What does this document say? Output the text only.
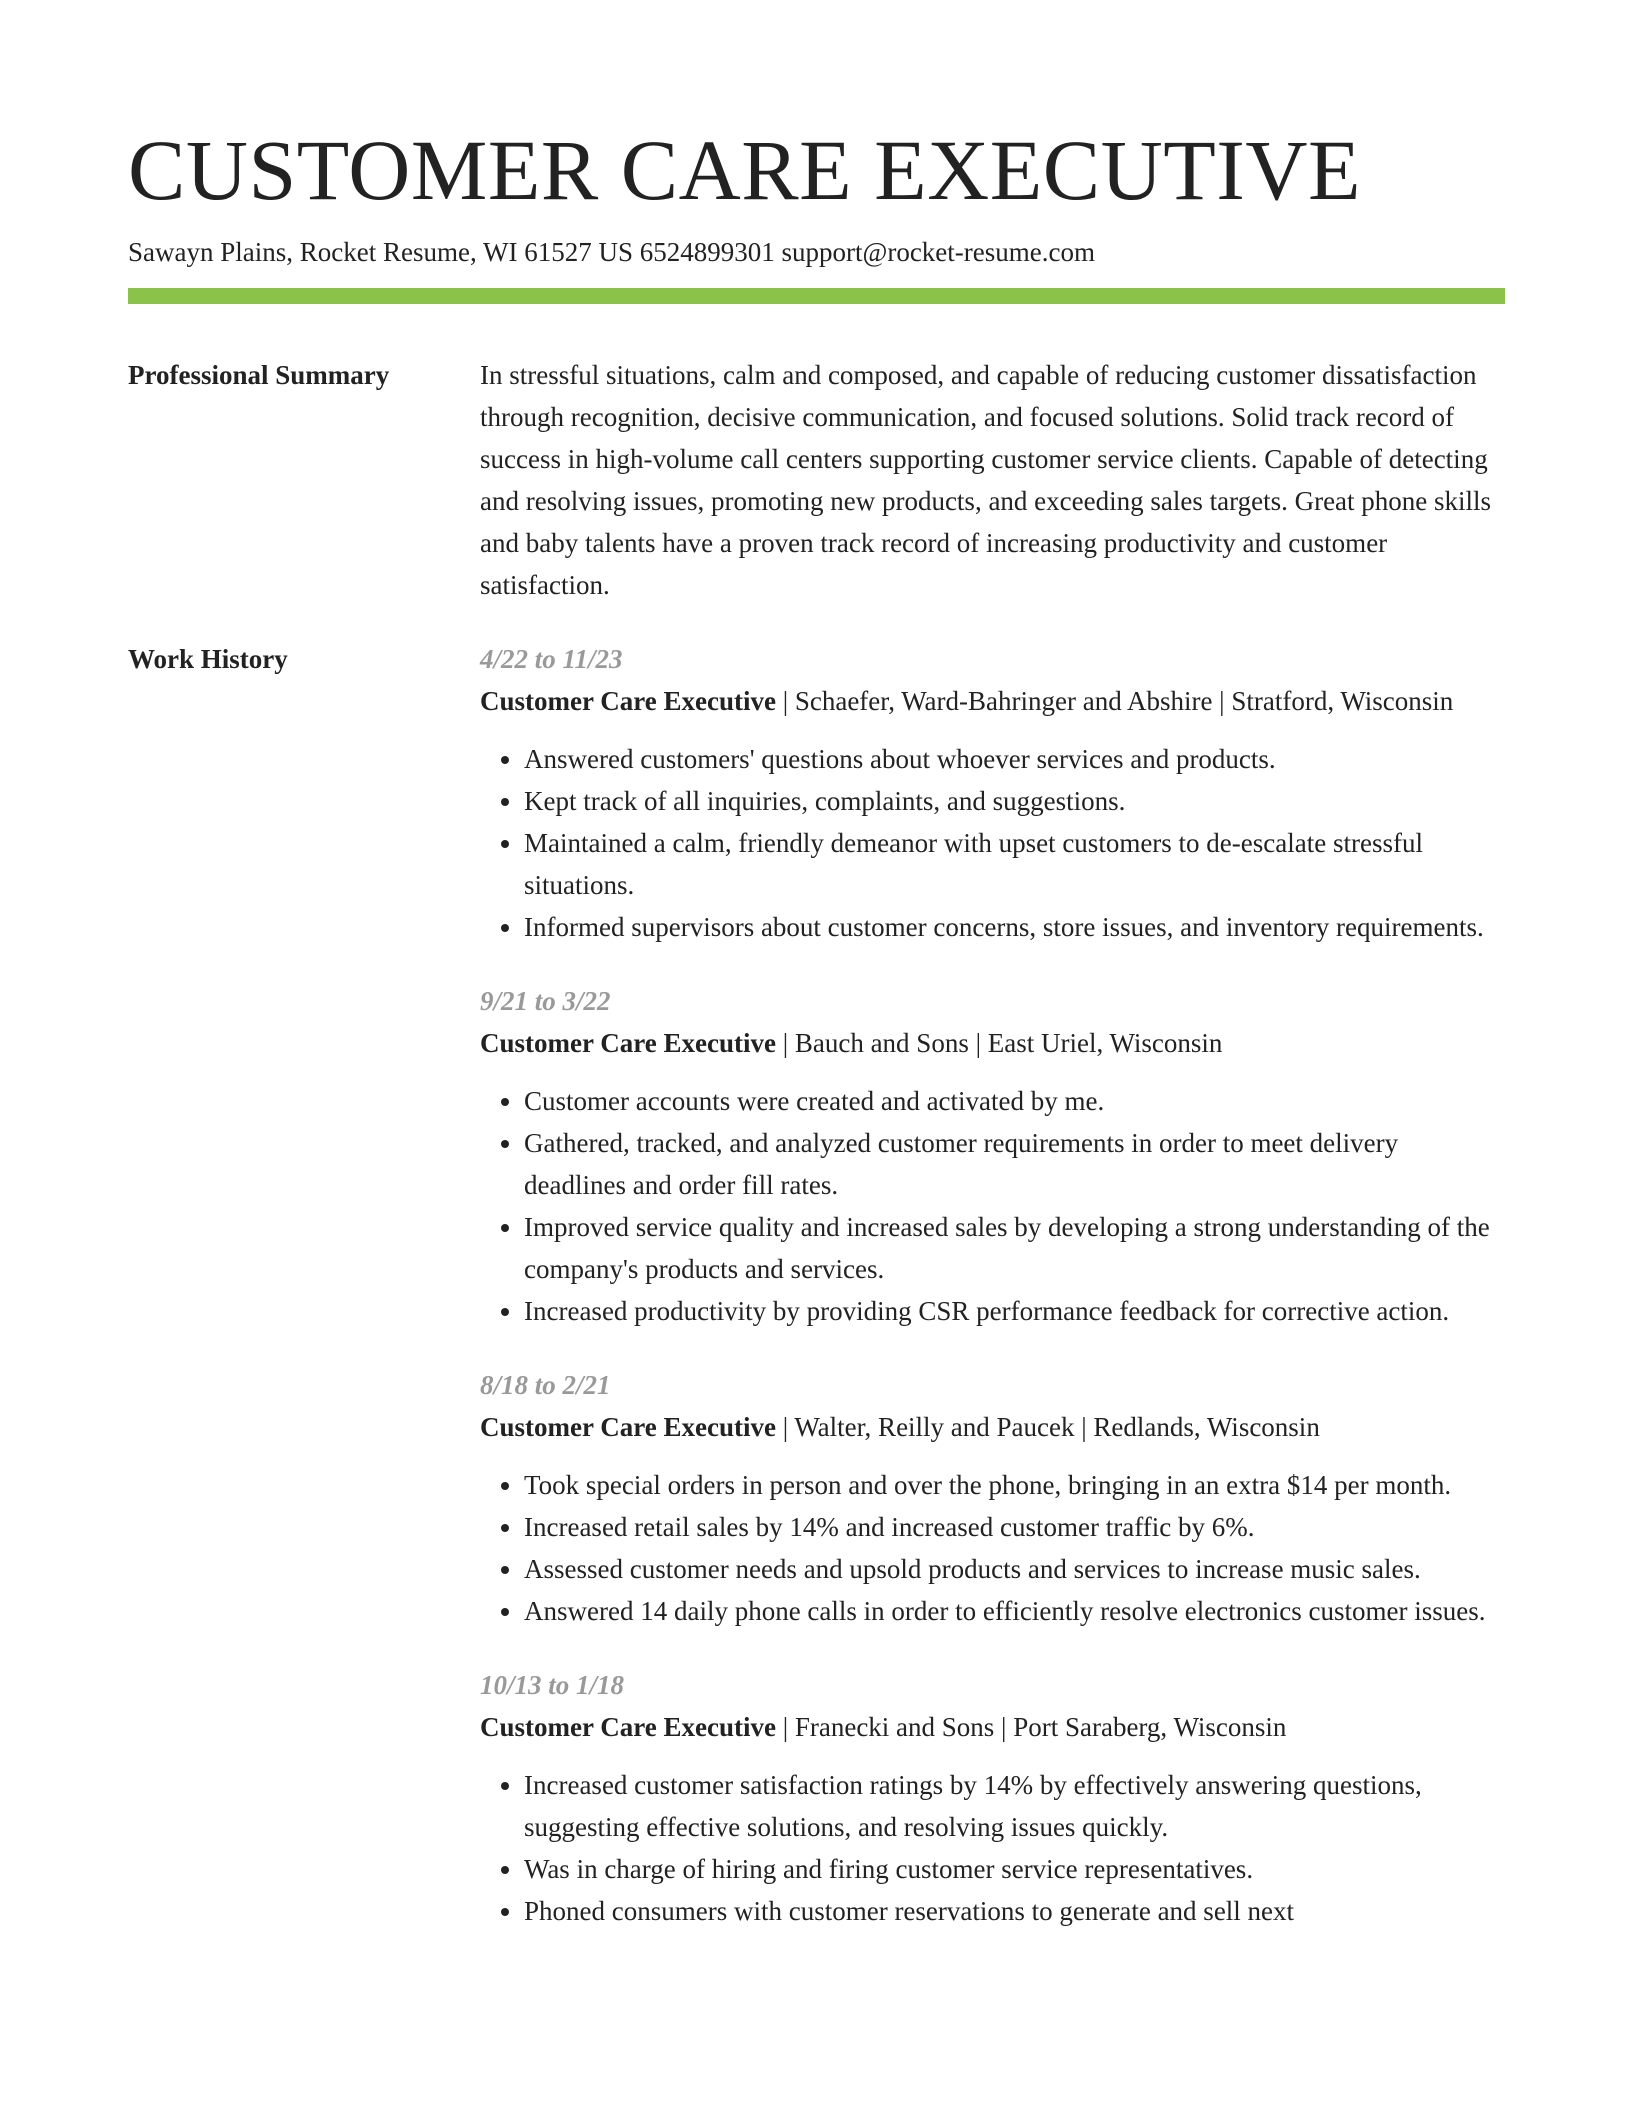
CUSTOMER CARE EXECUTIVE
Sawayn Plains, Rocket Resume, WI 61527 US 6524899301 support@rocket-resume.com
Professional Summary	In stressful situations, calm and composed, and capable of reducing customer dissatisfaction through recognition, decisive communication, and focused solutions. Solid track record of success in high-volume call centers supporting customer service clients. Capable of detecting and resolving issues, promoting new products, and exceeding sales targets. Great phone skills and baby talents have a proven track record of increasing productivity and customer satisfaction.

Work History	4/22 to 11/23
Customer Care Executive | Schaefer, Ward-Bahringer and Abshire | Stratford, Wisconsin
• Answered customers' questions about whoever services and products.
• Kept track of all inquiries, complaints, and suggestions.
• Maintained a calm, friendly demeanor with upset customers to de-escalate stressful situations.
• Informed supervisors about customer concerns, store issues, and inventory requirements.
9/21 to 3/22
Customer Care Executive | Bauch and Sons | East Uriel, Wisconsin
• Customer accounts were created and activated by me.
• Gathered, tracked, and analyzed customer requirements in order to meet delivery deadlines and order fill rates.
• Improved service quality and increased sales by developing a strong understanding of the company's products and services.
• Increased productivity by providing CSR performance feedback for corrective action.
8/18 to 2/21
Customer Care Executive | Walter, Reilly and Paucek | Redlands, Wisconsin
• Took special orders in person and over the phone, bringing in an extra $14 per month.
• Increased retail sales by 14% and increased customer traffic by 6%.
• Assessed customer needs and upsold products and services to increase music sales.
• Answered 14 daily phone calls in order to efficiently resolve electronics customer issues.
10/13 to 1/18
Customer Care Executive | Franecki and Sons | Port Saraberg, Wisconsin
• Increased customer satisfaction ratings by 14% by effectively answering questions, suggesting effective solutions, and resolving issues quickly.
• Was in charge of hiring and firing customer service representatives.
• Phoned consumers with customer reservations to generate and sell next
